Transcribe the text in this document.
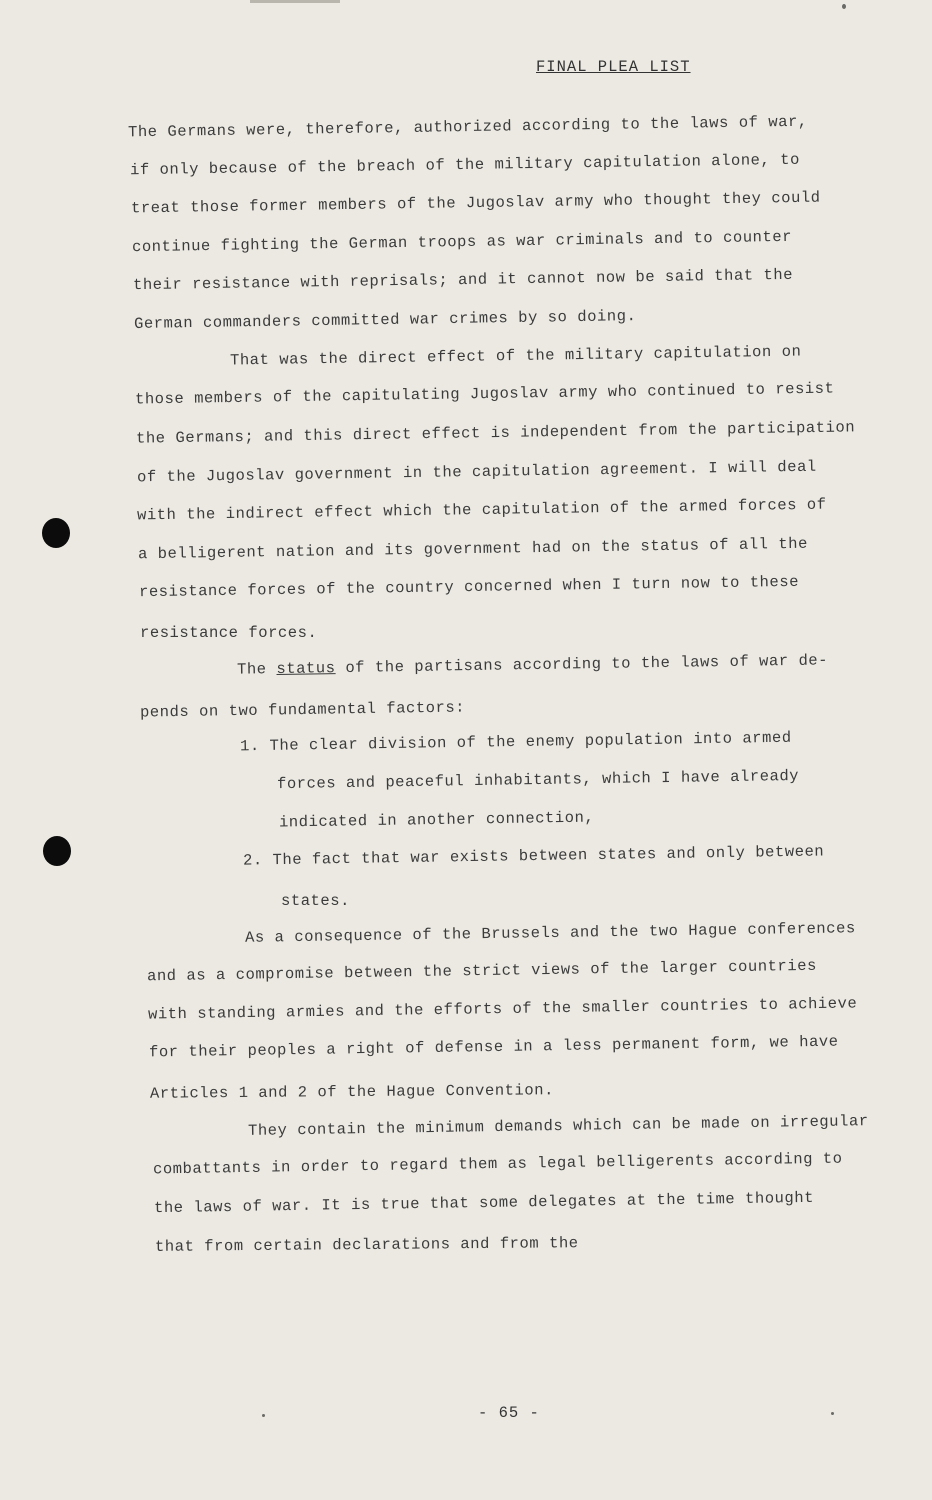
FINAL PLEA LIST
The Germans were, therefore, authorized according to the laws of war,
if only because of the breach of the military capitulation alone, to
treat those former members of the Jugoslav army who thought they could
continue fighting the German troops as war criminals and to counter
their resistance with reprisals; and it cannot now be said that the
German commanders committed war crimes by so doing.
That was the direct effect of the military capitulation on
those members of the capitulating Jugoslav army who continued to resist
the Germans; and this direct effect is independent from the participation
of the Jugoslav government in the capitulation agreement. I will deal
with the indirect effect which the capitulation of the armed forces of
a belligerent nation and its government had on the status of all the
resistance forces of the country concerned when I turn now to these
resistance forces.
The status of the partisans according to the laws of war de-
pends on two fundamental factors:
1. The clear division of the enemy population into armed
forces and peaceful inhabitants, which I have already
indicated in another connection,
2. The fact that war exists between states and only between
states.
As a consequence of the Brussels and the two Hague conferences
and as a compromise between the strict views of the larger countries
with standing armies and the efforts of the smaller countries to achieve
for their peoples a right of defense in a less permanent form, we have
Articles 1 and 2 of the Hague Convention.
They contain the minimum demands which can be made on irregular
combattants in order to regard them as legal belligerents according to
the laws of war. It is true that some delegates at the time thought
that from certain declarations and from the
- 65 -
